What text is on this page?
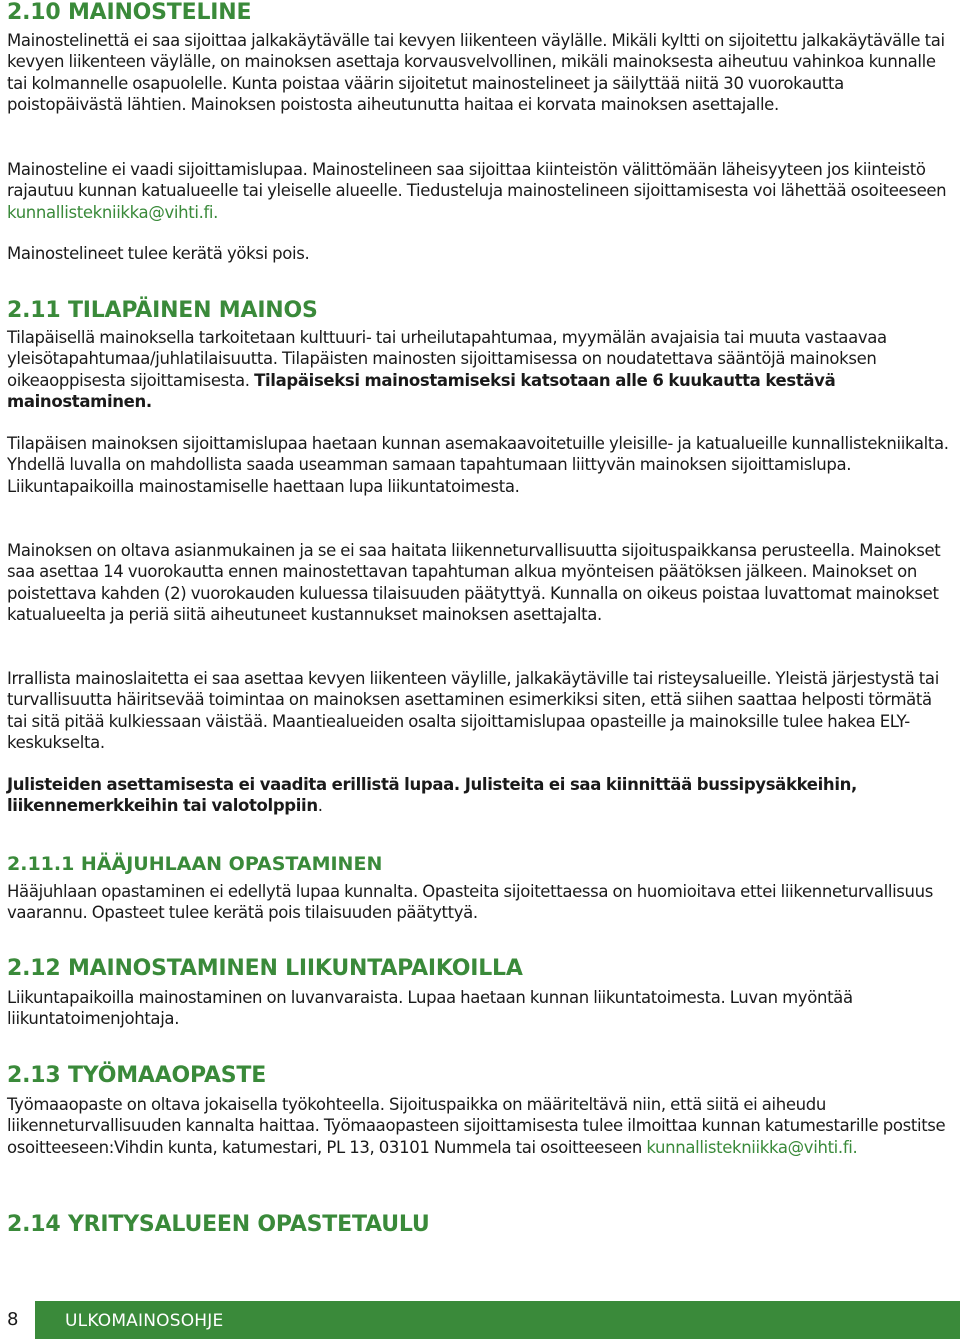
2.10 MAINOSTELINE

Mainostelinettä ei saa sijoittaa jalkakäytävälle tai kevyen liikenteen väylälle. Mikäli kyltti on sijoitettu jalkakäytävälle tai kevyen liikenteen väylälle, on mainoksen asettaja korvausvelvollinen, mikäli mainoksesta aiheutuu vahinkoa kunnalle tai kolmannelle osapuolelle. Kunta poistaa väärin sijoitetut mainostelineet ja säilyttää niitä 30 vuorokautta poistopäivästä lähtien. Mainoksen poistosta aiheutunutta haitaa ei korvata mainoksen asettajalle.

Mainosteline ei vaadi sijoittamislupaa. Mainostelineen saa sijoittaa kiinteistön välittömään läheisyyteen jos kiinteistö rajautuu kunnan katualueelle tai yleiselle alueelle. Tiedusteluja mainostelineen sijoittamisesta voi lähettää osoiteeseen kunnallistekniikka@vihti.fi.

Mainostelineet tulee kerätä yöksi pois.

2.11 TILAPÄINEN MAINOS

Tilapäisellä mainoksella tarkoitetaan kulttuuri- tai urheilutapahtumaa, myymälän avajaisia tai muuta vastaavaa yleisötapahtumaa/juhlatilaisuutta. Tilapäisten mainosten sijoittamisessa on noudatettava sääntöjä mainoksen oikeaoppisesta sijoittamisesta. Tilapäiseksi mainostamiseksi katsotaan alle 6 kuukautta kestävä mainostaminen.

Tilapäisen mainoksen sijoittamislupaa haetaan kunnan asemakaavoitetuille yleisille- ja katualueille kunnallistekniikalta. Yhdellä luvalla on mahdollista saada useamman samaan tapahtumaan liittyvän mainoksen sijoittamislupa. Liikuntapaikoilla mainostamiselle haettaan lupa liikuntatoimesta.

Mainoksen on oltava asianmukainen ja se ei saa haitata liikenneturvallisuutta sijoituspaikkansa perusteella. Mainokset saa asettaa 14 vuorokautta ennen mainostettavan tapahtuman alkua myönteisen päätöksen jälkeen. Mainokset on poistettava kahden (2) vuorokauden kuluessa tilaisuuden päätyttyä. Kunnalla on oikeus poistaa luvattomat mainokset katualueelta ja periä siitä aiheutuneet kustannukset mainoksen asettajalta.

Irrallista mainoslaitetta ei saa asettaa kevyen liikenteen väylille, jalkakäytäville tai risteysalueille. Yleistä järjestystä tai turvallisuutta häiritsevää toimintaa on mainoksen asettaminen esimerkiksi siten, että siihen saattaa helposti törmätä tai sitä pitää kulkiessaan väistää. Maantiealueiden osalta sijoittamislupaa opasteille ja mainoksille tulee hakea ELY-keskukselta.

Julisteiden asettamisesta ei vaadita erillistä lupaa. Julisteita ei saa kiinnittää bussipysäkkeihin, liikennemerkkeihin tai valotolppiin.

2.11.1 HÄÄJUHLAAN OPASTAMINEN

Hääjuhlaan opastaminen ei edellytä lupaa kunnalta. Opasteita sijoitettaessa on huomioitava ettei liikenneturvallisuus vaarannu. Opasteet tulee kerätä pois tilaisuuden päätyttyä.

2.12 MAINOSTAMINEN LIIKUNTAPAIKOILLA

Liikuntapaikoilla mainostaminen on luvanvaraista. Lupaa haetaan kunnan liikuntatoimesta. Luvan myöntää liikuntatoimenjohtaja.

2.13 TYÖMAAOPASTE

Työmaaopaste on oltava jokaisella työkohteella. Sijoituspaikka on määriteltävä niin, että siitä ei aiheudu liikenneturvallisuuden kannalta haittaa. Työmaaopasteen sijoittamisesta tulee ilmoittaa kunnan katumestarille postitse osoitteeseen:Vihdin kunta, katumestari, PL 13, 03101 Nummela tai osoitteeseen kunnallistekniikka@vihti.fi.

2.14 YRITYSALUEEN OPASTETAULU
8	ULKOMAINOSOHJE
